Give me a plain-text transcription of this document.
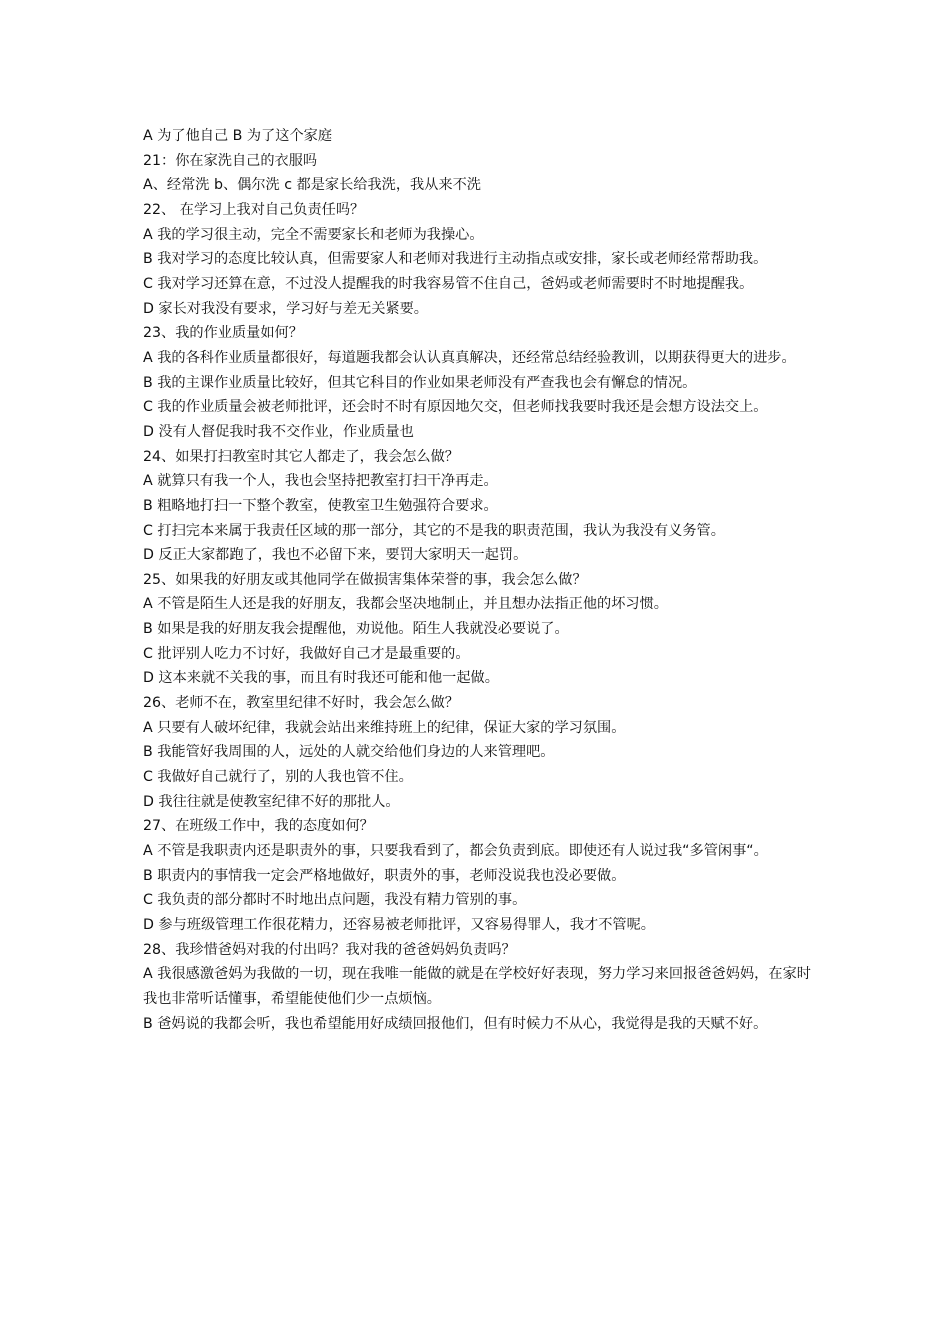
A 为了他自己 B 为了这个家庭

21：你在家洗自己的衣服吗

A、经常洗 b、偶尔洗 c 都是家长给我洗，我从来不洗

22、 在学习上我对自己负责任吗？

A 我的学习很主动，完全不需要家长和老师为我操心。

B 我对学习的态度比较认真，但需要家人和老师对我进行主动指点或安排，家长或老师经常帮助我。

C 我对学习还算在意，不过没人提醒我的时我容易管不住自己，爸妈或老师需要时不时地提醒我。

D 家长对我没有要求，学习好与差无关紧要。

23、我的作业质量如何？

A 我的各科作业质量都很好，每道题我都会认认真真解决，还经常总结经验教训，以期获得更大的进步。

B 我的主课作业质量比较好，但其它科目的作业如果老师没有严查我也会有懈怠的情况。

C 我的作业质量会被老师批评，还会时不时有原因地欠交，但老师找我要时我还是会想方设法交上。

D 没有人督促我时我不交作业，作业质量也

24、如果打扫教室时其它人都走了，我会怎么做？

A 就算只有我一个人，我也会坚持把教室打扫干净再走。

B 粗略地打扫一下整个教室，使教室卫生勉强符合要求。

C 打扫完本来属于我责任区域的那一部分，其它的不是我的职责范围，我认为我没有义务管。

D 反正大家都跑了，我也不必留下来，要罚大家明天一起罚。

25、如果我的好朋友或其他同学在做损害集体荣誉的事，我会怎么做？

A 不管是陌生人还是我的好朋友，我都会坚决地制止，并且想办法指正他的坏习惯。

B 如果是我的好朋友我会提醒他，劝说他。陌生人我就没必要说了。

C 批评别人吃力不讨好，我做好自己才是最重要的。

D 这本来就不关我的事，而且有时我还可能和他一起做。

26、老师不在，教室里纪律不好时，我会怎么做？

A 只要有人破坏纪律，我就会站出来维持班上的纪律，保证大家的学习氛围。

B 我能管好我周围的人，远处的人就交给他们身边的人来管理吧。

C 我做好自己就行了，别的人我也管不住。

D 我往往就是使教室纪律不好的那批人。

27、在班级工作中，我的态度如何？

A 不管是我职责内还是职责外的事，只要我看到了，都会负责到底。即使还有人说过我“多管闲事“。

B 职责内的事情我一定会严格地做好，职责外的事，老师没说我也没必要做。

C 我负责的部分都时不时地出点问题，我没有精力管别的事。

D 参与班级管理工作很花精力，还容易被老师批评，又容易得罪人，我才不管呢。

28、我珍惜爸妈对我的付出吗？我对我的爸爸妈妈负责吗？

A 我很感激爸妈为我做的一切，现在我唯一能做的就是在学校好好表现，努力学习来回报爸爸妈妈，在家时我也非常听话懂事，希望能使他们少一点烦恼。

B 爸妈说的我都会听，我也希望能用好成绩回报他们，但有时候力不从心，我觉得是我的天赋不好。
